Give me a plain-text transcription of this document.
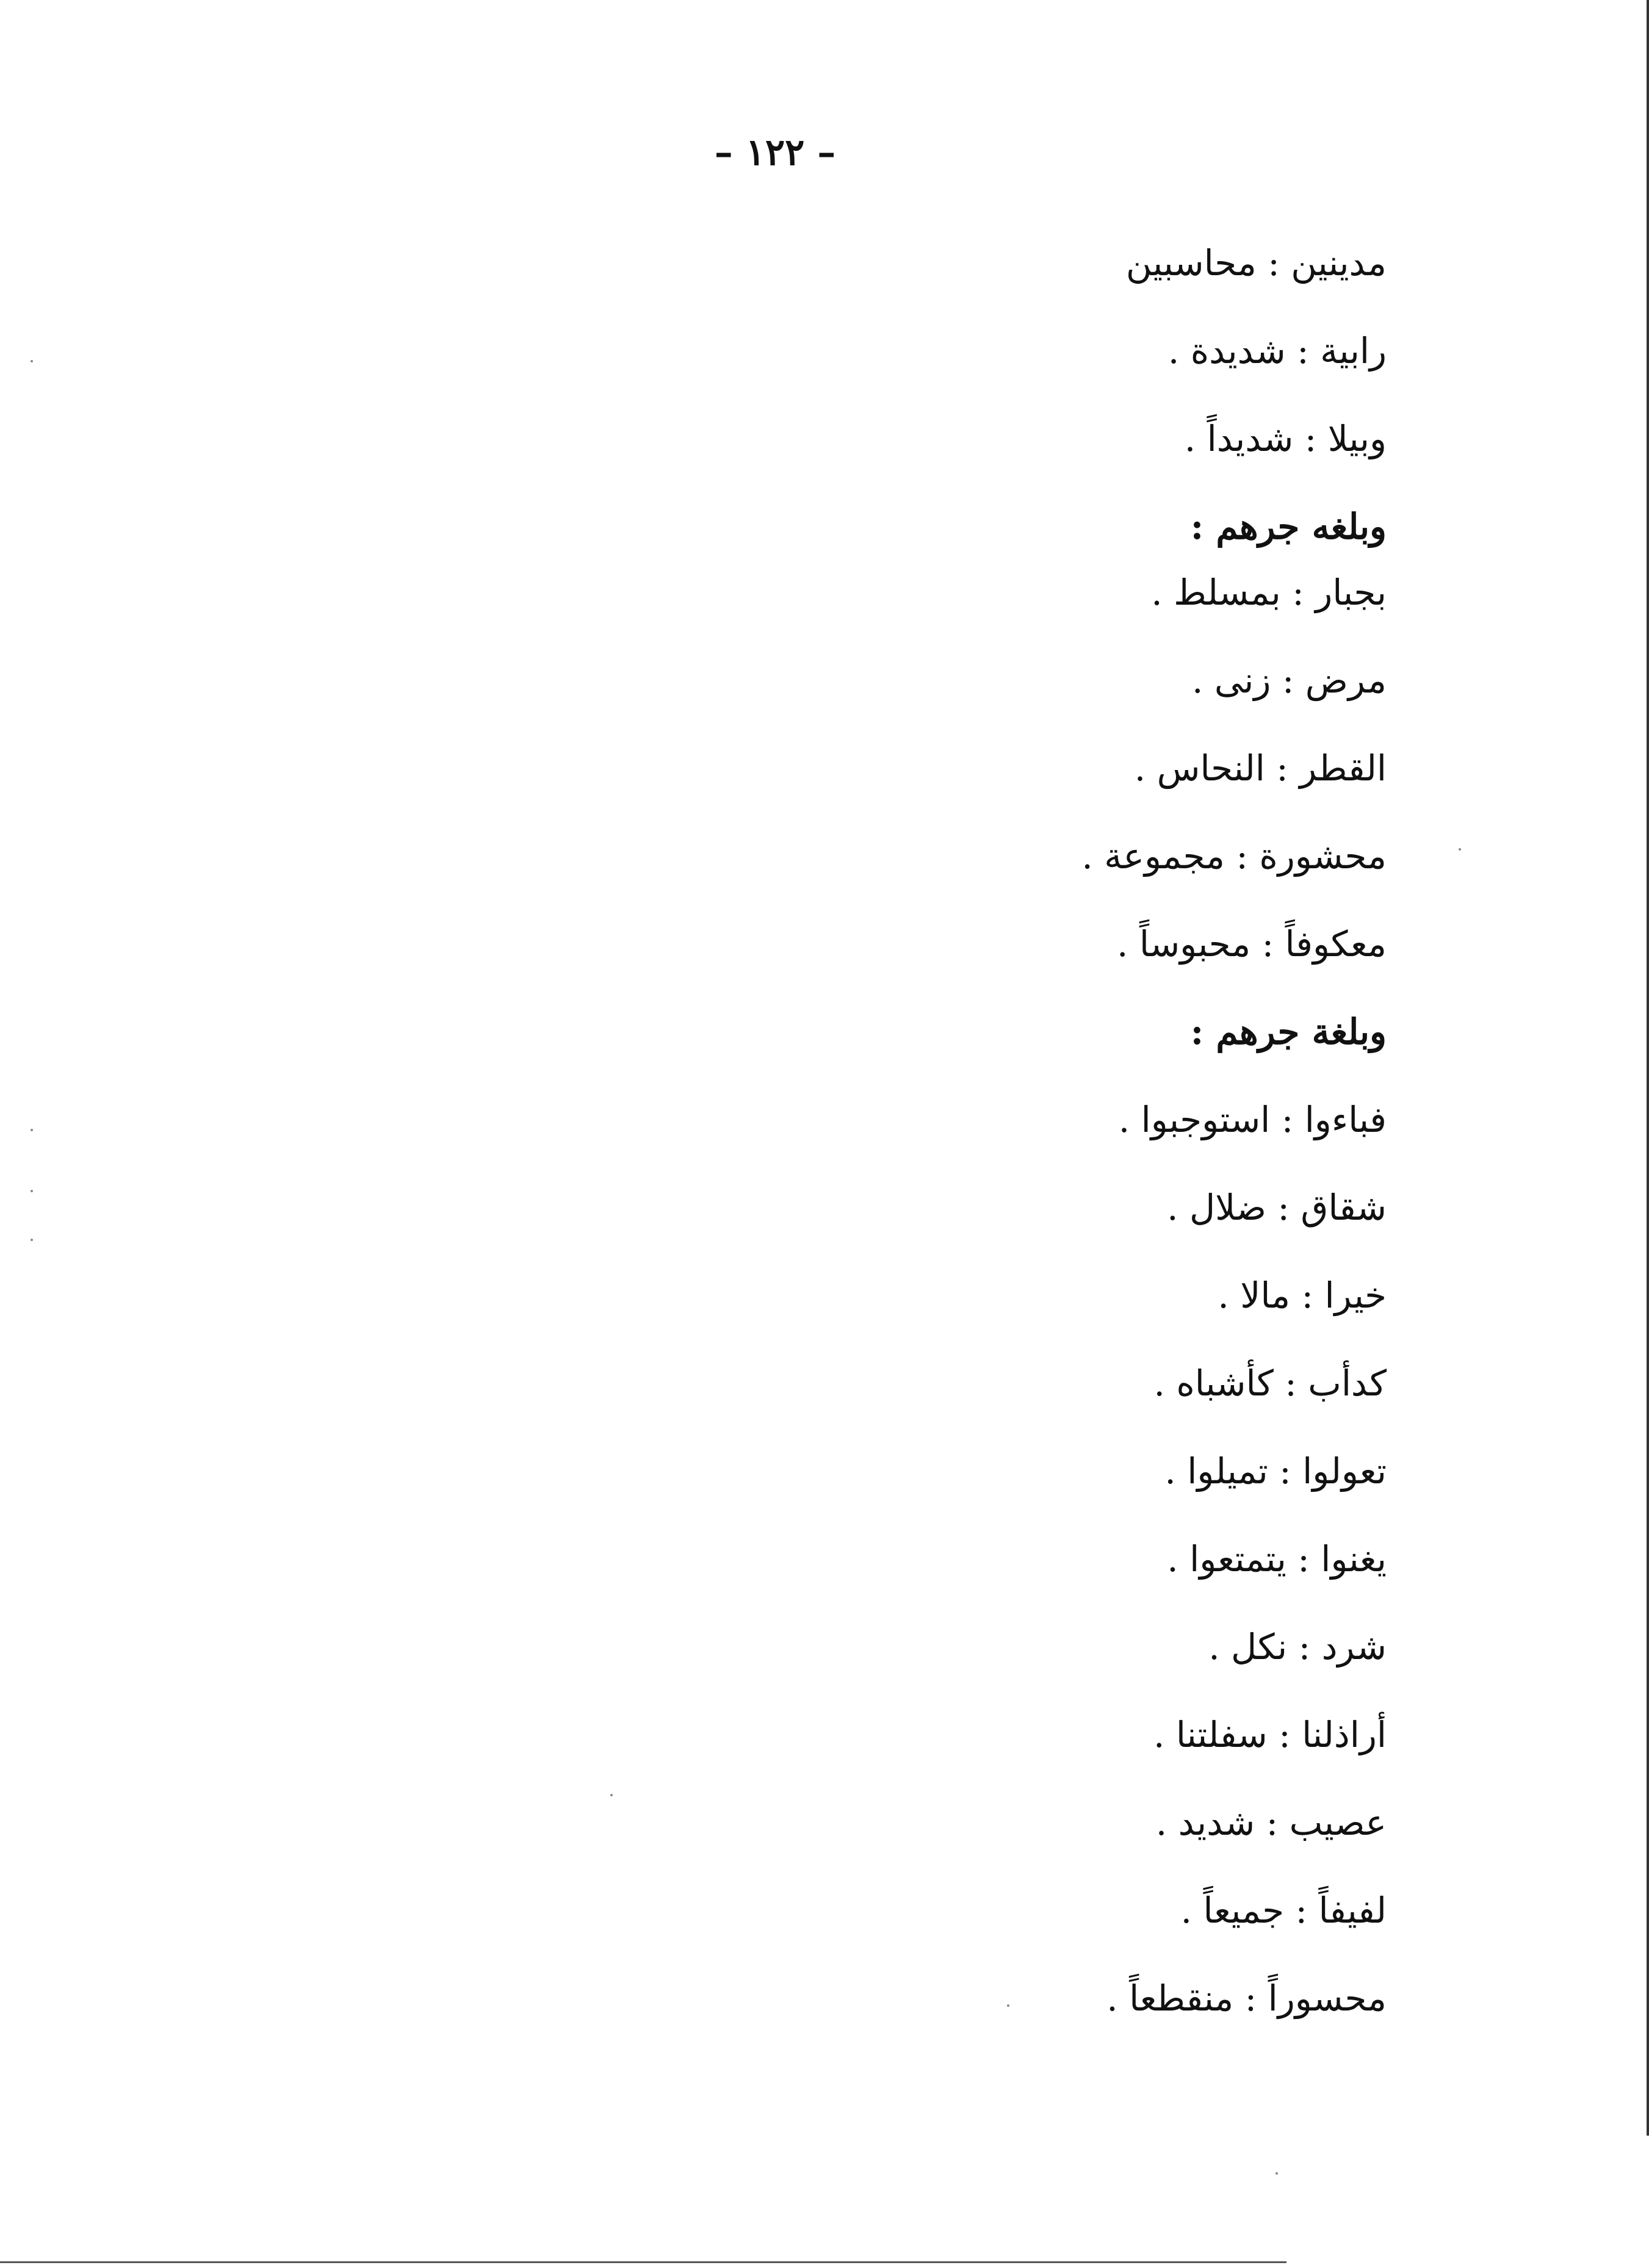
– ١٢٢ –
مدينين : محاسبين
رابية : شديدة .
وبيلا : شديداً .
وبلغه جرهم :
بجبار : بمسلط .
مرض : زنى .
القطر : النحاس .
محشورة : مجموعة .
معكوفاً : محبوساً .
وبلغة جرهم :
فباءوا : استوجبوا .
شقاق : ضلال .
خيرا : مالا .
كدأب : كأشباه .
تعولوا : تميلوا .
يغنوا : يتمتعوا .
شرد : نكل .
أراذلنا : سفلتنا .
عصيب : شديد .
لفيفاً : جميعاً .
محسوراً : منقطعاً .
